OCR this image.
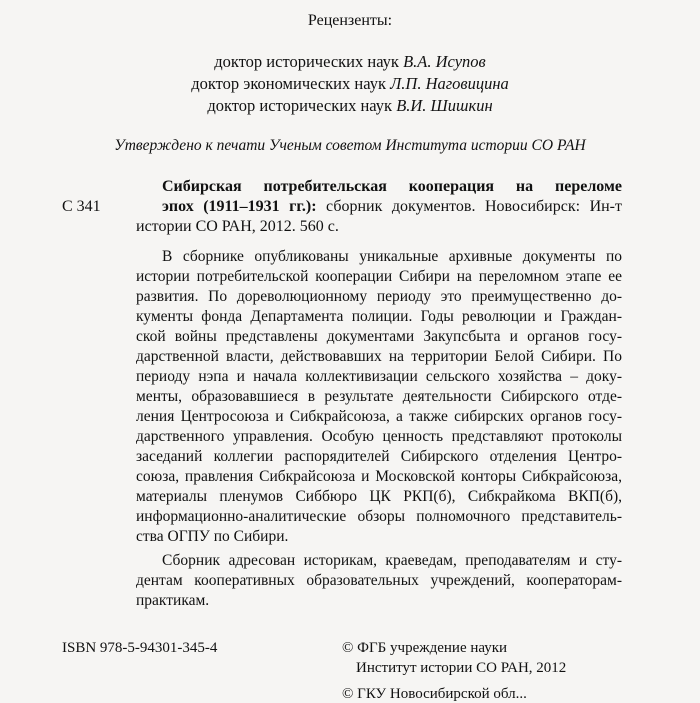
Рецензенты:
доктор исторических наук В.А. Исупов
доктор экономических наук Л.П. Наговицина
доктор исторических наук В.И. Шишкин
Утверждено к печати Ученым советом Института истории СО РАН
С 341
Сибирская потребительская кооперация на переломе
эпох (1911–1931 гг.): сборник документов. Новосибирск: Ин-т
истории СО РАН, 2012. 560 с.
В сборнике опубликованы уникальные архивные документы по
истории потребительской кооперации Сибири на переломном этапе ее
развития. По дореволюционному периоду это преимущественно до-
кументы фонда Департамента полиции. Годы революции и Граждан-
ской войны представлены документами Закупсбыта и органов госу-
дарственной власти, действовавших на территории Белой Сибири. По
периоду нэпа и начала коллективизации сельского хозяйства – доку-
менты, образовавшиеся в результате деятельности Сибирского отде-
ления Центросоюза и Сибкрайсоюза, а также сибирских органов госу-
дарственного управления. Особую ценность представляют протоколы
заседаний коллегии распорядителей Сибирского отделения Центро-
союза, правления Сибкрайсоюза и Московской конторы Сибкрайсоюза,
материалы пленумов Сиббюро ЦК РКП(б), Сибкрайкома ВКП(б),
информационно-аналитические обзоры полномочного представитель-
ства ОГПУ по Сибири.
Сборник адресован историкам, краеведам, преподавателям и сту-
дентам кооперативных образовательных учреждений, кооператорам-
практикам.
ISBN 978-5-94301-345-4	© ФГБ учреждение науки
Институт истории СО РАН, 2012
© ГКУ Новосибирской обл...
